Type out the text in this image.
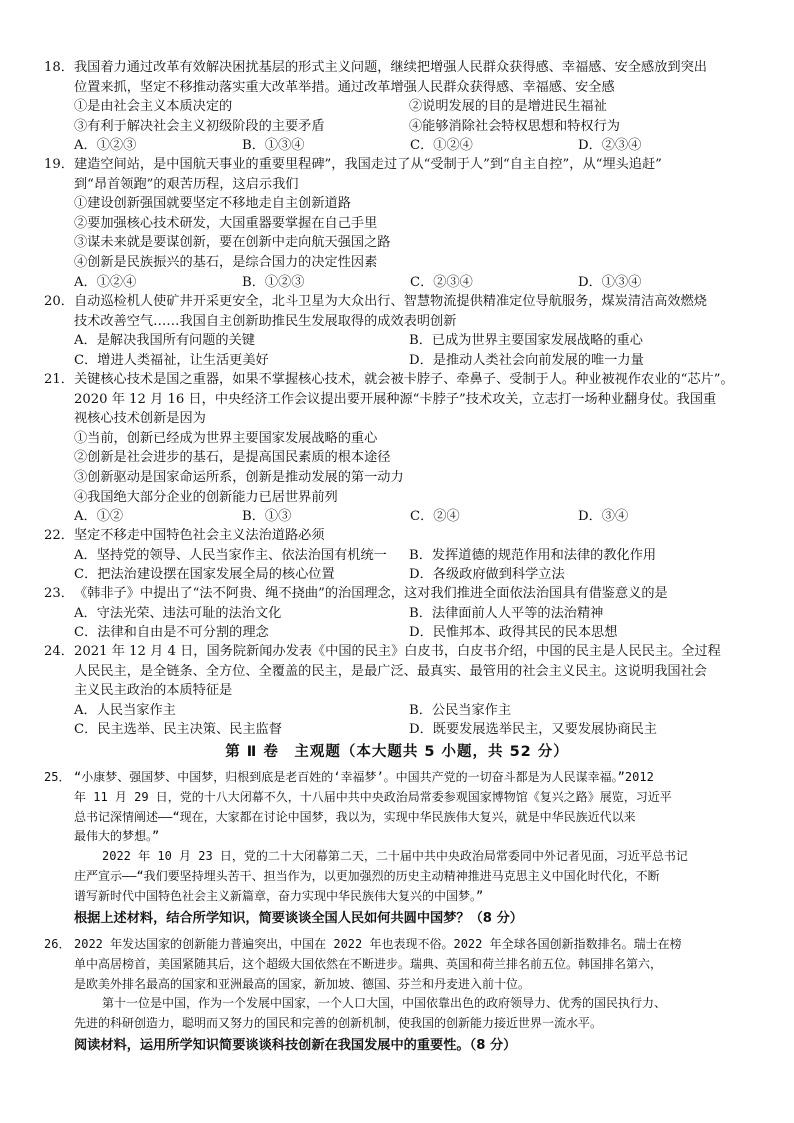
18．我国着力通过改革有效解决困扰基层的形式主义问题，继续把增强人民群众获得感、幸福感、安全感放到突出
位置来抓，坚定不移推动落实重大改革举措。通过改革增强人民群众获得感、幸福感、安全感
①是由社会主义本质决定的	②说明发展的目的是增进民生福祉
③有利于解决社会主义初级阶段的主要矛盾	④能够消除社会特权思想和特权行为
A．①②③	B．①③④	C．①②④	D．②③④
19．建造空间站，是中国航天事业的重要里程碑”，我国走过了从“受制于人”到“自主自控”，从“埋头追赶”
到“昂首领跑”的艰苦历程，这启示我们
①建设创新强国就要坚定不移地走自主创新道路
②要加强核心技术研发，大国重器要掌握在自己手里
③谋未来就是要谋创新，要在创新中走向航天强国之路
④创新是民族振兴的基石，是综合国力的决定性因素
A．①②④	B．①②③	C．②③④	D．①③④
20．自动巡检机人使矿井开采更安全，北斗卫星为大众出行、智慧物流提供精准定位导航服务，煤炭清洁高效燃烧
技术改善空气……我国自主创新助推民生发展取得的成效表明创新
A．是解决我国所有问题的关键	B．已成为世界主要国家发展战略的重心
C．增进人类福祉，让生活更美好	D．是推动人类社会向前发展的唯一力量
21．关键核心技术是国之重器，如果不掌握核心技术，就会被卡脖子、牵鼻子、受制于人。种业被视作农业的“芯片”。
2020 年 12 月 16 日，中央经济工作会议提出要开展种源“卡脖子”技术攻关，立志打一场种业翻身仗。我国重
视核心技术创新是因为
①当前，创新已经成为世界主要国家发展战略的重心
②创新是社会进步的基石，是提高国民素质的根本途径
③创新驱动是国家命运所系，创新是推动发展的第一动力
④我国绝大部分企业的创新能力已居世界前列
A．①②	B．①③	C．②④	D．③④
22．坚定不移走中国特色社会主义法治道路必须
A．坚持党的领导、人民当家作主、依法治国有机统一	B．发挥道德的规范作用和法律的教化作用
C．把法治建设摆在国家发展全局的核心位置	D．各级政府做到科学立法
23．《韩非子》中提出了“法不阿贵、绳不挠曲”的治国理念，这对我们推进全面依法治国具有借鉴意义的是
A．守法光荣、违法可耻的法治文化	B．法律面前人人平等的法治精神
C．法律和自由是不可分割的理念	D．民惟邦本、政得其民的民本思想
24．2021 年 12 月 4 日，国务院新闻办发表《中国的民主》白皮书，白皮书介绍，中国的民主是人民民主。全过程
人民民主，是全链条、全方位、全覆盖的民主，是最广泛、最真实、最管用的社会主义民主。这说明我国社会
主义民主政治的本质特征是
A．人民当家作主	B．公民当家作主
C．民主选举、民主决策、民主监督	D．既要发展选举民主，又要发展协商民主
第 Ⅱ 卷　主观题（本大题共 5 小题，共 52 分）
25． “小康梦、强国梦、中国梦，归根到底是老百姓的‘幸福梦’。中国共产党的一切奋斗都是为人民谋幸福。”2012
年 11 月 29 日，党的十八大闭幕不久，十八届中共中央政治局常委参观国家博物馆《复兴之路》展览，习近平
总书记深情阐述——“现在，大家都在讨论中国梦，我以为，实现中华民族伟大复兴，就是中华民族近代以来
最伟大的梦想。”
2022 年 10 月 23 日，党的二十大闭幕第二天，二十届中共中央政治局常委同中外记者见面，习近平总书记
庄严宣示——“我们要坚持埋头苦干、担当作为，以更加强烈的历史主动精神推进马克思主义中国化时代化，不断
谱写新时代中国特色社会主义新篇章，奋力实现中华民族伟大复兴的中国梦。”
根据上述材料，结合所学知识，简要谈谈全国人民如何共圆中国梦？（8 分）
26． 2022 年发达国家的创新能力普遍突出，中国在 2022 年也表现不俗。2022 年全球各国创新指数排名。瑞士在榜
单中高居榜首，美国紧随其后，这个超级大国依然在不断进步。瑞典、英国和荷兰排名前五位。韩国排名第六，
是欧美外排名最高的国家和亚洲最高的国家，新加坡、德国、芬兰和丹麦进入前十位。
第十一位是中国，作为一个发展中国家，一个人口大国，中国依靠出色的政府领导力、优秀的国民执行力、
先进的科研创造力，聪明而又努力的国民和完善的创新机制，使我国的创新能力接近世界一流水平。
阅读材料，运用所学知识简要谈谈科技创新在我国发展中的重要性。（8 分）
